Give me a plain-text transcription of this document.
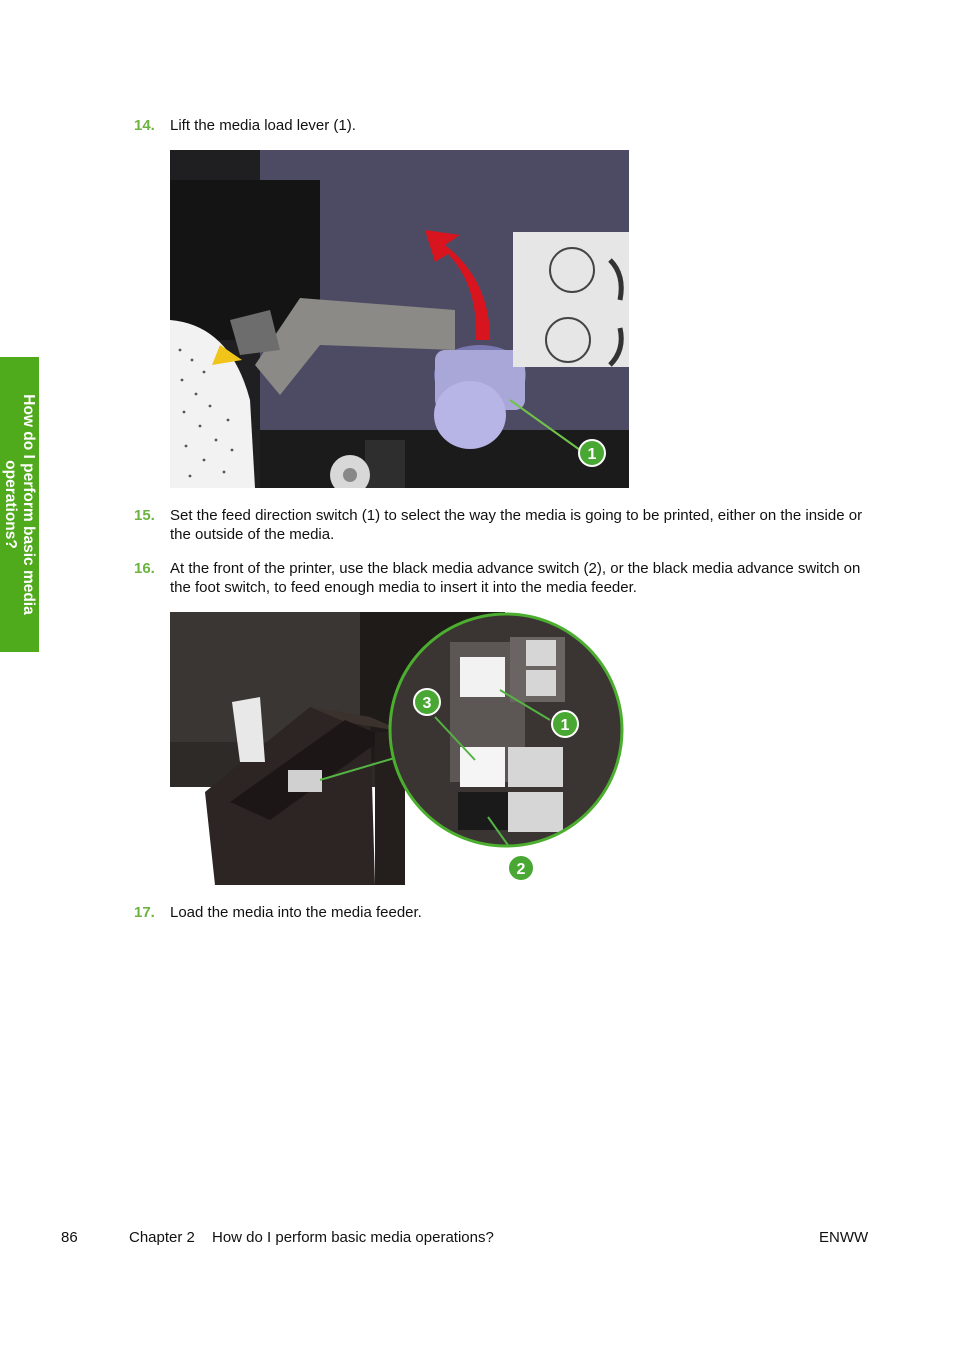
How do I perform basic media
operations?
14. Lift the media load lever (1).
1
15. Set the feed direction switch (1) to select the way the media is going to be printed, either on the inside or the outside of the media.
16. At the front of the printer, use the black media advance switch (2), or the black media advance switch on the foot switch, to feed enough media to insert it into the media feeder.
3
1
2
17. Load the media into the media feeder.
86	Chapter 2 How do I perform basic media operations?	ENWW
